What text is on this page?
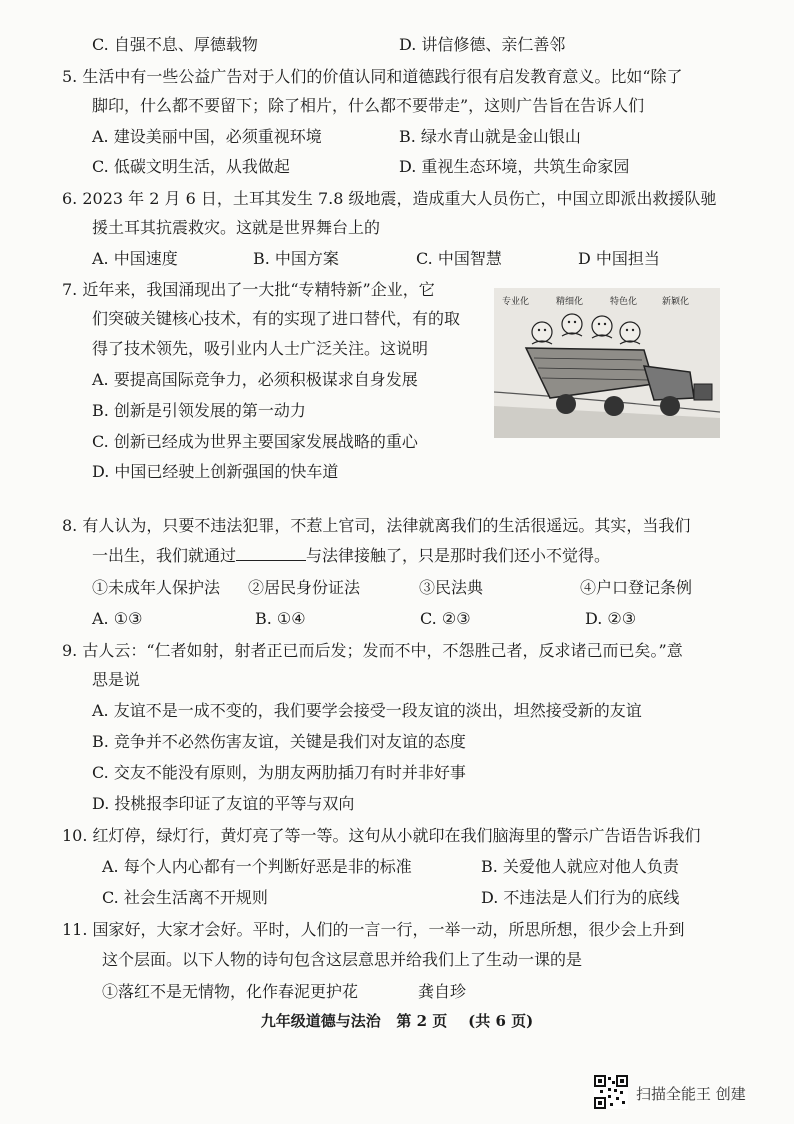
C. 自强不息、厚德载物	D. 讲信修德、亲仁善邻
5. 生活中有一些公益广告对于人们的价值认同和道德践行很有启发教育意义。比如“除了
脚印，什么都不要留下；除了相片，什么都不要带走”，这则广告旨在告诉人们
A. 建设美丽中国，必须重视环境	B. 绿水青山就是金山银山
C. 低碳文明生活，从我做起	D. 重视生态环境，共筑生命家园
6. 2023 年 2 月 6 日，土耳其发生 7.8 级地震，造成重大人员伤亡，中国立即派出救援队驰
援土耳其抗震救灾。这就是世界舞台上的
A. 中国速度	B. 中国方案	C. 中国智慧	D 中国担当
7. 近年来，我国涌现出了一大批“专精特新”企业，它
们突破关键核心技术，有的实现了进口替代，有的取
得了技术领先，吸引业内人士广泛关注。这说明
A. 要提高国际竞争力，必须积极谋求自身发展
B. 创新是引领发展的第一动力
C. 创新已经成为世界主要国家发展战略的重心
D. 中国已经驶上创新强国的快车道
专业化	精细化	特色化	新颖化
8. 有人认为，只要不违法犯罪，不惹上官司，法律就离我们的生活很遥远。其实，当我们
一出生，我们就通过	与法律接触了，只是那时我们还小不觉得。
①未成年人保护法 ②居民身份证法	③民法典	④户口登记条例
A. ①③	B. ①④	C. ②③	D. ②③
9. 古人云：“仁者如射，射者正已而后发；发而不中，不怨胜己者，反求诸己而已矣。”意
思是说
A. 友谊不是一成不变的，我们要学会接受一段友谊的淡出，坦然接受新的友谊
B. 竞争并不必然伤害友谊，关键是我们对友谊的态度
C. 交友不能没有原则，为朋友两肋插刀有时并非好事
D. 投桃报李印证了友谊的平等与双向
10. 红灯停，绿灯行，黄灯亮了等一等。这句从小就印在我们脑海里的警示广告语告诉我们
A. 每个人内心都有一个判断好恶是非的标准	B. 关爱他人就应对他人负责
C. 社会生活离不开规则	D. 不违法是人们行为的底线
11. 国家好，大家才会好。平时，人们的一言一行，一举一动，所思所想，很少会上升到
这个层面。以下人物的诗句包含这层意思并给我们上了生动一课的是
①落红不是无情物，化作春泥更护花	龚自珍
九年级道德与法治   第 2 页    (共 6 页)
扫描全能王 创建
